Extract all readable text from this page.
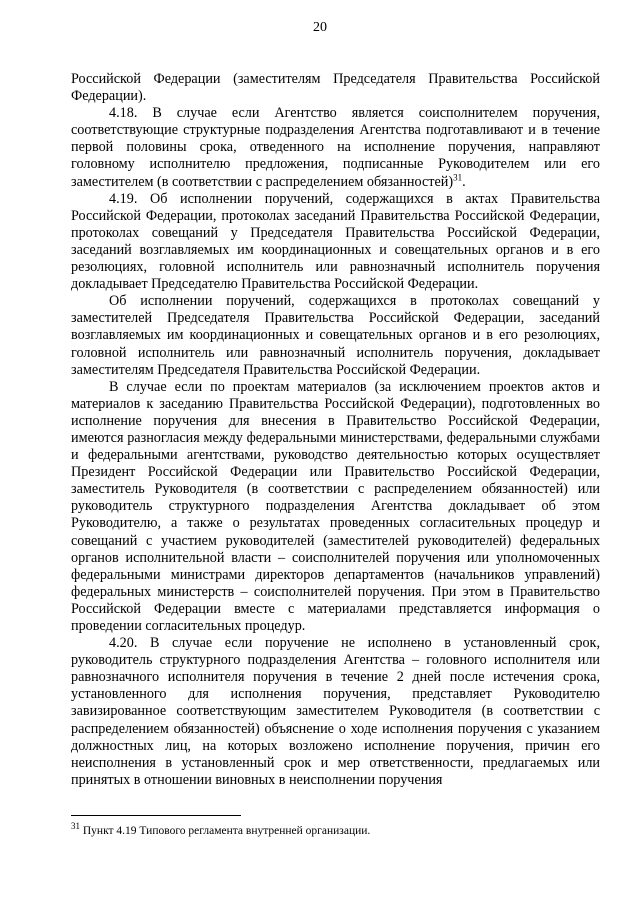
20

Российской Федерации (заместителям Председателя Правительства Российской Федерации).

4.18. В случае если Агентство является соисполнителем поручения, соответствующие структурные подразделения Агентства подготавливают и в течение первой половины срока, отведенного на исполнение поручения, направляют головному исполнителю предложения, подписанные Руководителем или его заместителем (в соответствии с распределением обязанностей)$^{31}$.

4.19. Об исполнении поручений, содержащихся в актах Правительства Российской Федерации, протоколах заседаний Правительства Российской Федерации, протоколах совещаний у Председателя Правительства Российской Федерации, заседаний возглавляемых им координационных и совещательных органов и в его резолюциях, головной исполнитель или равнозначный исполнитель поручения докладывает Председателю Правительства Российской Федерации.

Об исполнении поручений, содержащихся в протоколах совещаний у заместителей Председателя Правительства Российской Федерации, заседаний возглавляемых им координационных и совещательных органов и в его резолюциях, головной исполнитель или равнозначный исполнитель поручения, докладывает заместителям Председателя Правительства Российской Федерации.

В случае если по проектам материалов (за исключением проектов актов и материалов к заседанию Правительства Российской Федерации), подготовленных во исполнение поручения для внесения в Правительство Российской Федерации, имеются разногласия между федеральными министерствами, федеральными службами и федеральными агентствами, руководство деятельностью которых осуществляет Президент Российской Федерации или Правительство Российской Федерации, заместитель Руководителя (в соответствии с распределением обязанностей) или руководитель структурного подразделения Агентства докладывает об этом Руководителю, а также о результатах проведенных согласительных процедур и совещаний с участием руководителей (заместителей руководителей) федеральных органов исполнительной власти – соисполнителей поручения или уполномоченных федеральными министрами директоров департаментов (начальников управлений) федеральных министерств – соисполнителей поручения. При этом в Правительство Российской Федерации вместе с материалами представляется информация о проведении согласительных процедур.

4.20. В случае если поручение не исполнено в установленный срок, руководитель структурного подразделения Агентства – головного исполнителя или равнозначного исполнителя поручения в течение 2 дней после истечения срока, установленного для исполнения поручения, представляет Руководителю завизированное соответствующим заместителем Руководителя (в соответствии с распределением обязанностей) объяснение о ходе исполнения поручения с указанием должностных лиц, на которых возложено исполнение поручения, причин его неисполнения в установленный срок и мер ответственности, предлагаемых или принятых в отношении виновных в неисполнении поручения

$^{31}$ Пункт 4.19 Типового регламента внутренней организации.
